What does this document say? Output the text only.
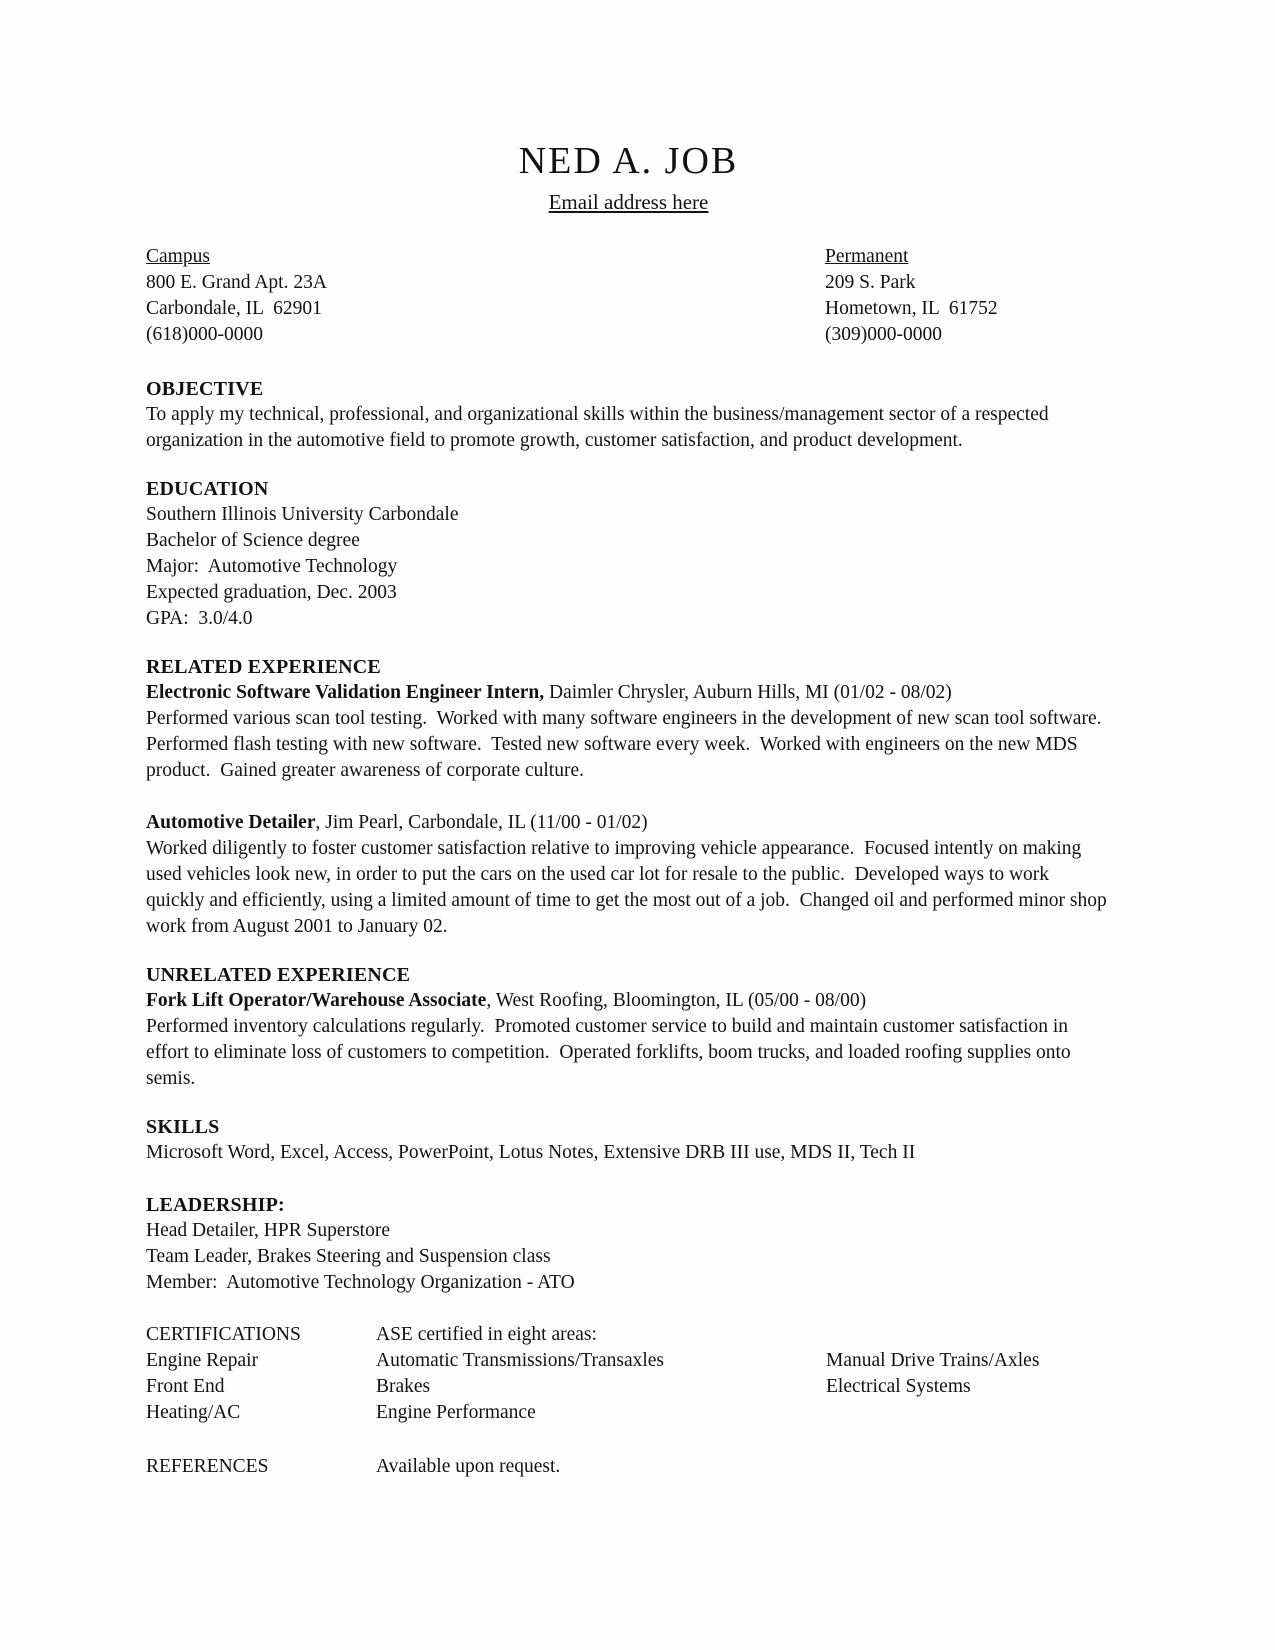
NED A. JOB
Email address here
Campus
800 E. Grand Apt. 23A
Carbondale, IL  62901
(618)000-0000
Permanent
209 S. Park
Hometown, IL  61752
(309)000-0000
OBJECTIVE

To apply my technical, professional, and organizational skills within the business/management sector of a respected organization in the automotive field to promote growth, customer satisfaction, and product development.

EDUCATION
Southern Illinois University Carbondale
Bachelor of Science degree
Major:  Automotive Technology
Expected graduation, Dec. 2003
GPA:  3.0/4.0
RELATED EXPERIENCE

Electronic Software Validation Engineer Intern, Daimler Chrysler, Auburn Hills, MI (01/02 - 08/02)

Performed various scan tool testing.  Worked with many software engineers in the development of new scan tool software.  Performed flash testing with new software.  Tested new software every week.  Worked with engineers on the new MDS product.  Gained greater awareness of corporate culture.

Automotive Detailer, Jim Pearl, Carbondale, IL (11/00 - 01/02)

Worked diligently to foster customer satisfaction relative to improving vehicle appearance.  Focused intently on making used vehicles look new, in order to put the cars on the used car lot for resale to the public.  Developed ways to work quickly and efficiently, using a limited amount of time to get the most out of a job.  Changed oil and performed minor shop work from August 2001 to January 02.

UNRELATED EXPERIENCE

Fork Lift Operator/Warehouse Associate, West Roofing, Bloomington, IL (05/00 - 08/00)

Performed inventory calculations regularly.  Promoted customer service to build and maintain customer satisfaction in effort to eliminate loss of customers to competition.  Operated forklifts, boom trucks, and loaded roofing supplies onto semis.

SKILLS

Microsoft Word, Excel, Access, PowerPoint, Lotus Notes, Extensive DRB III use, MDS II, Tech II

LEADERSHIP:
Head Detailer, HPR Superstore
Team Leader, Brakes Steering and Suspension class
Member:  Automotive Technology Organization - ATO
CERTIFICATIONS	ASE certified in eight areas:
Engine Repair	Automatic Transmissions/Transaxles	Manual Drive Trains/Axles
Front End	Brakes	Electrical Systems
Heating/AC	Engine Performance
REFERENCES	Available upon request.
